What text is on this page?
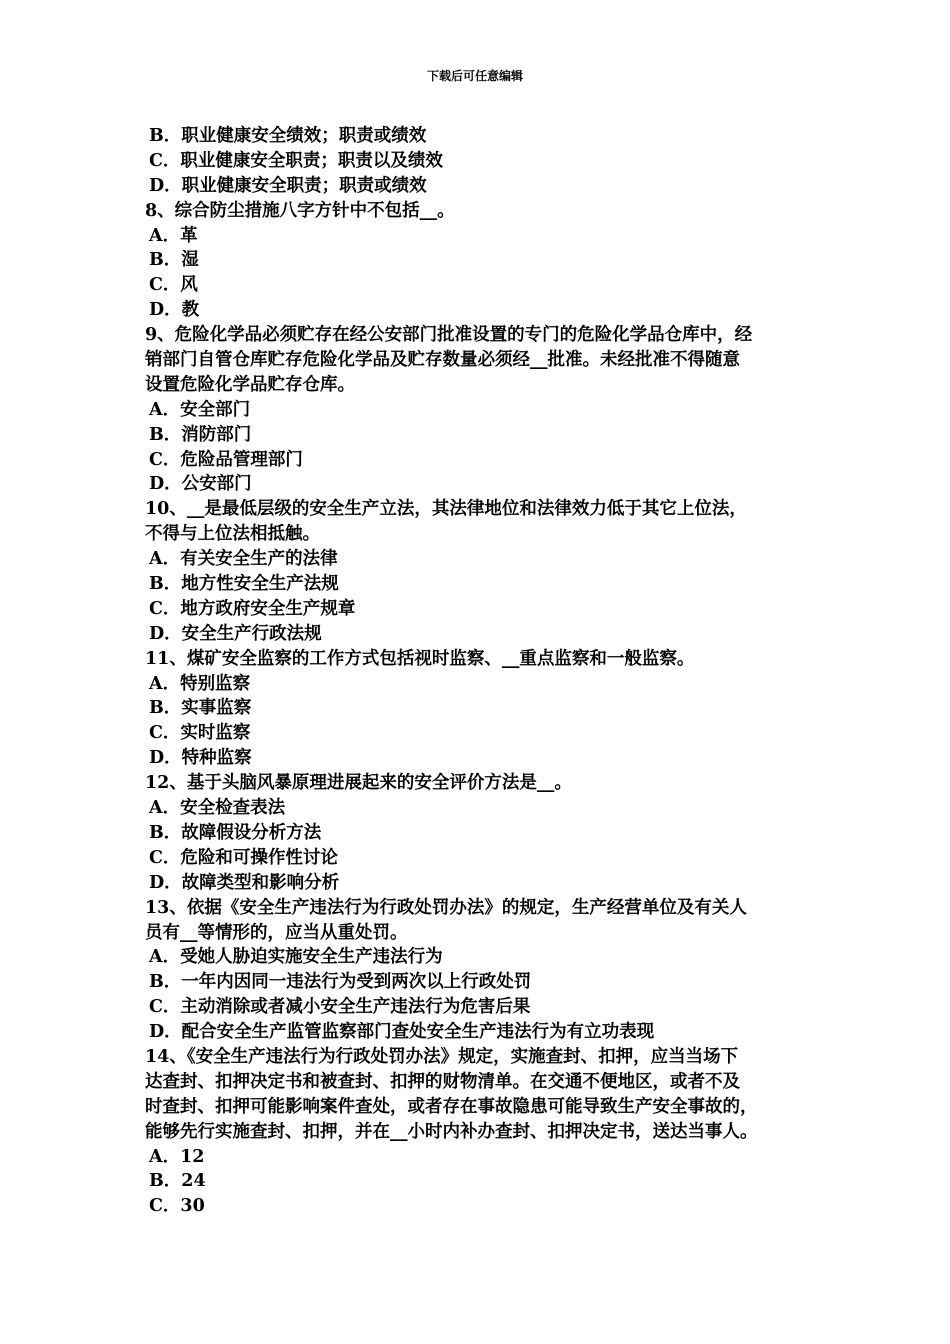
下载后可任意编辑
B．职业健康安全绩效；职责或绩效
C．职业健康安全职责；职责以及绩效
D．职业健康安全职责；职责或绩效
8、综合防尘措施八字方针中不包括__。
A．革
B．湿
C．风
D．教
9、危险化学品必须贮存在经公安部门批准设置的专门的危险化学品仓库中，经
销部门自管仓库贮存危险化学品及贮存数量必须经__批准。未经批准不得随意
设置危险化学品贮存仓库。
A．安全部门
B．消防部门
C．危险品管理部门
D．公安部门
10、__是最低层级的安全生产立法，其法律地位和法律效力低于其它上位法，
不得与上位法相抵触。
A．有关安全生产的法律
B．地方性安全生产法规
C．地方政府安全生产规章
D．安全生产行政法规
11、煤矿安全监察的工作方式包括视时监察、__重点监察和一般监察。
A．特别监察
B．实事监察
C．实时监察
D．特种监察
12、基于头脑风暴原理进展起来的安全评价方法是__。
A．安全检查表法
B．故障假设分析方法
C．危险和可操作性讨论
D．故障类型和影响分析
13、依据《安全生产违法行为行政处罚办法》的规定，生产经营单位及有关人
员有__等情形的，应当从重处罚。
A．受她人胁迫实施安全生产违法行为
B．一年内因同一违法行为受到两次以上行政处罚
C．主动消除或者减小安全生产违法行为危害后果
D．配合安全生产监管监察部门查处安全生产违法行为有立功表现
14、《安全生产违法行为行政处罚办法》规定，实施查封、扣押，应当当场下
达查封、扣押决定书和被查封、扣押的财物清单。在交通不便地区，或者不及
时查封、扣押可能影响案件查处，或者存在事故隐患可能导致生产安全事故的，
能够先行实施查封、扣押，并在__小时内补办查封、扣押决定书，送达当事人。
A．12
B．24
C．30
